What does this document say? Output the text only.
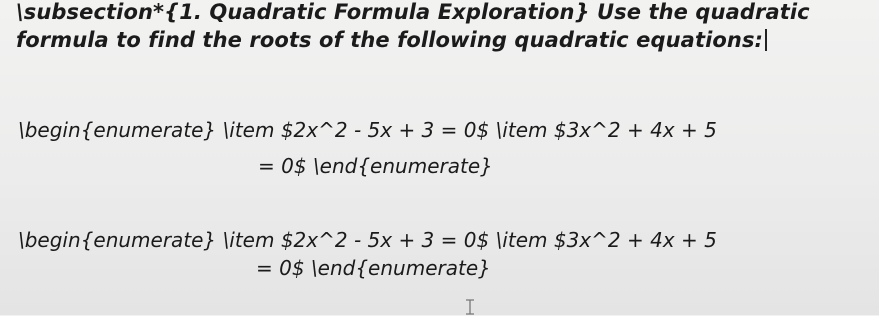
\subsection*{1. Quadratic Formula Exploration} Use the quadratic formula to find the roots of the following quadratic equations:
\begin{enumerate} \item $2x^2 - 5x + 3 = 0$ \item $3x^2 + 4x + 5
= 0$ \end{enumerate}
\begin{enumerate} \item $2x^2 - 5x + 3 = 0$ \item $3x^2 + 4x + 5
= 0$ \end{enumerate}
